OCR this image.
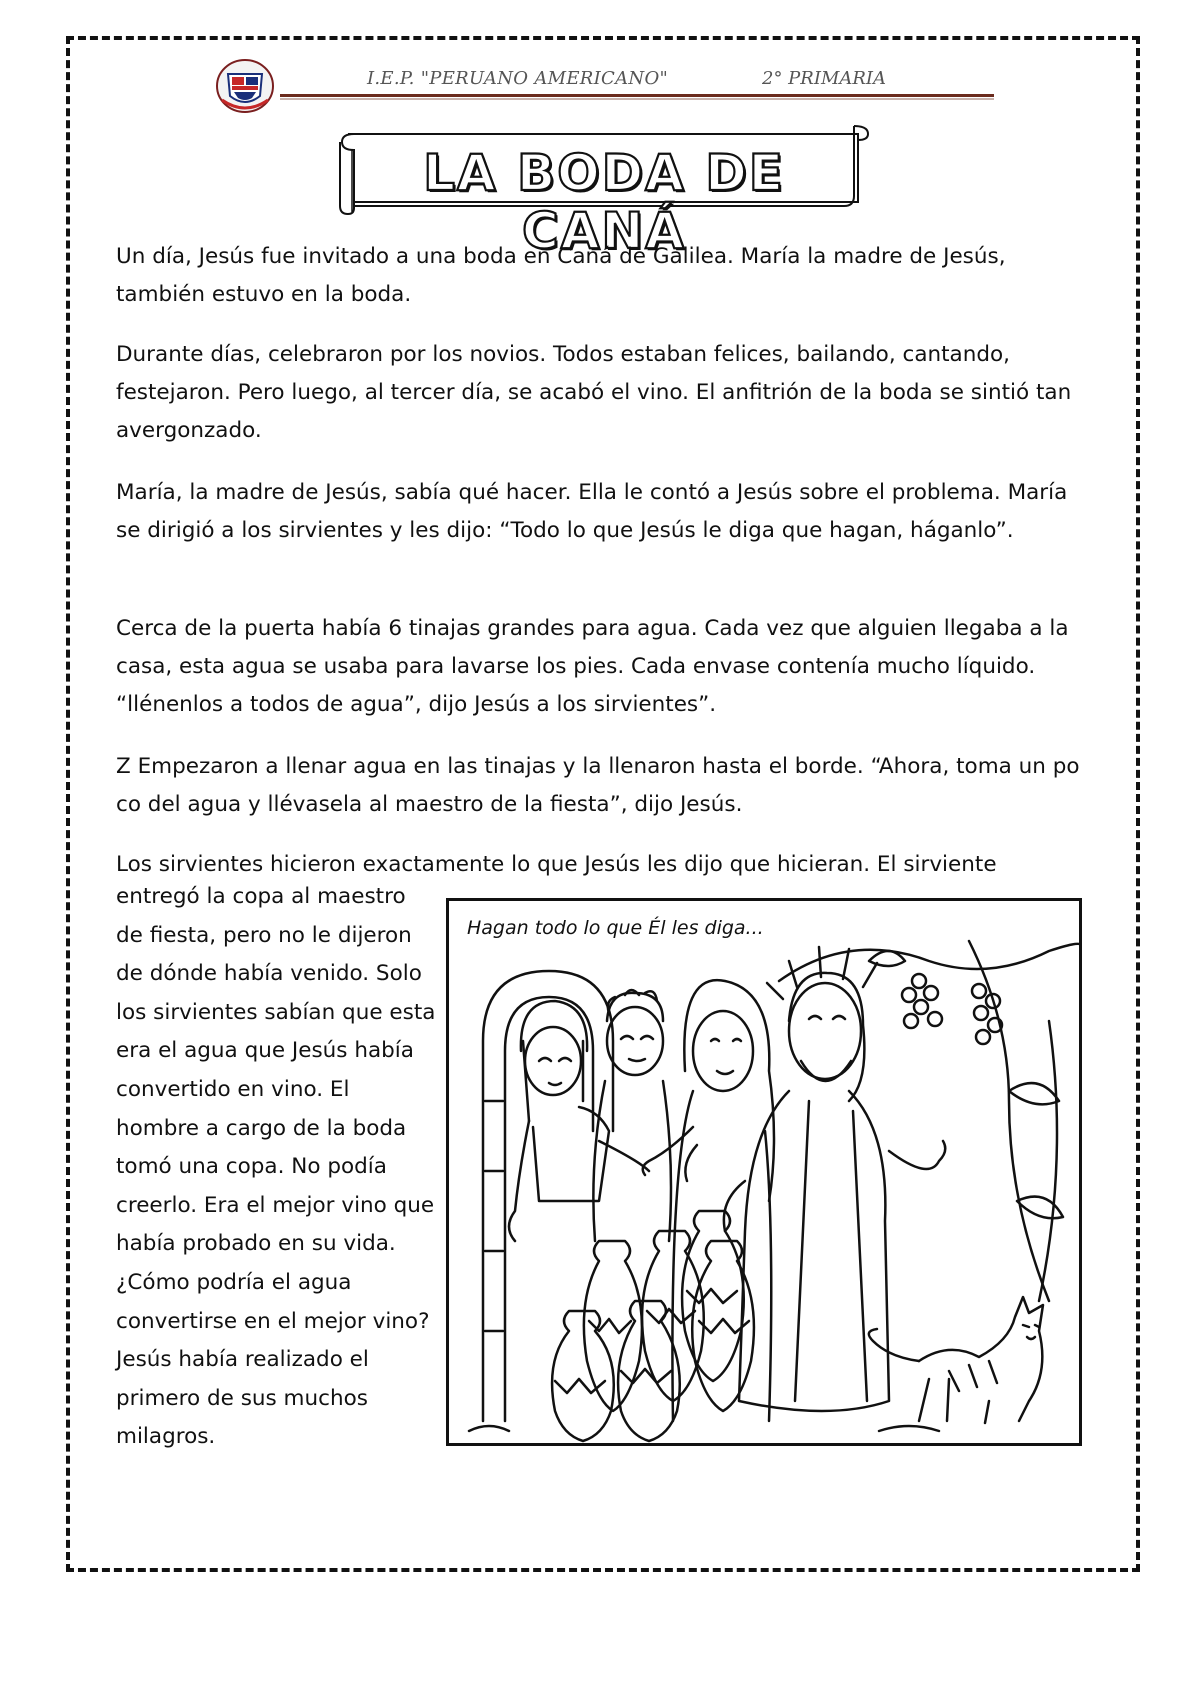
I.E.P. "PERUANO AMERICANO"	2° PRIMARIA
LA BODA DE CANÁ

Un día, Jesús fue invitado a una boda en Caná de Galilea. María la madre de Jesús, también estuvo en la boda.

Durante días, celebraron por los novios. Todos estaban felices, bailando, cantando, festejaron. Pero luego, al tercer día, se acabó el vino. El anfitrión de la boda se sintió tan avergonzado.

María, la madre de Jesús, sabía qué hacer. Ella le contó a Jesús sobre el problema. María se dirigió a los sirvientes y les dijo: “Todo lo que Jesús le diga que hagan, háganlo”.

Cerca de la puerta había 6 tinajas grandes para agua. Cada vez que alguien llegaba a la casa, esta agua se usaba para lavarse los pies. Cada envase contenía mucho líquido. “llénenlos a todos de agua”, dijo Jesús a los sirvientes”.

Z Empezaron a llenar agua en las tinajas y la llenaron hasta el borde. “Ahora, toma un po co del agua y llévasela al maestro de la fiesta”, dijo Jesús.

Los sirvientes hicieron exactamente lo que Jesús les dijo que hicieran. El sirviente

entregó la copa al maestro de fiesta, pero no le dijeron de dónde había venido. Solo los sirvientes sabían que esta era el agua que Jesús había convertido en vino. El hombre a cargo de la boda tomó una copa. No podía creerlo. Era el mejor vino que había probado en su vida. ¿Cómo podría el agua convertirse en el mejor vino? Jesús había realizado el primero de sus muchos milagros.

Hagan todo lo que Él les diga...
